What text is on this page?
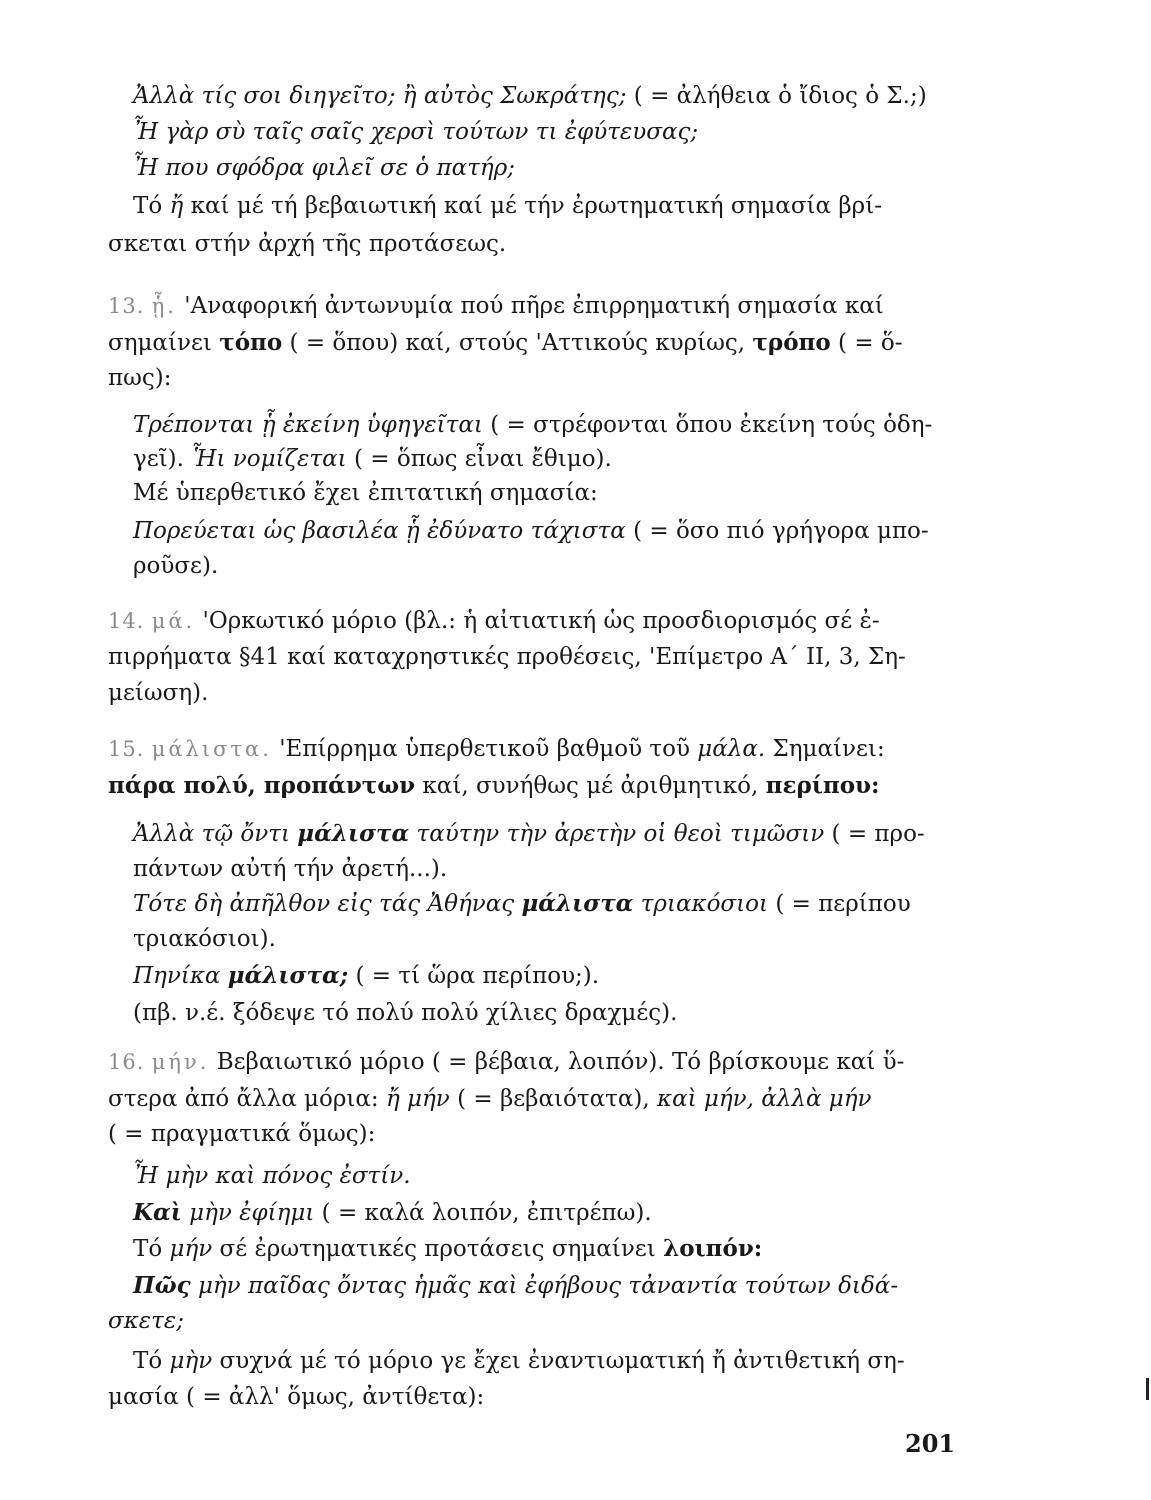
Ἀλλὰ τίς σοι διηγεῖτο; ἢ αὐτὸς Σωκράτης; ( = ἀλήθεια ὁ ἴδιος ὁ Σ.;)
Ἦ γὰρ σὺ ταῖς σαῖς χερσὶ τούτων τι ἐφύτευσας;
Ἦ που σφόδρα φιλεῖ σε ὁ πατήρ;
Τό ἤ καί μέ τή βεβαιωτική καί μέ τήν ἐρωτηματική σημασία βρί-
σκεται στήν ἀρχή τῆς προτάσεως.
13. ᾗ. 'Αναφορική ἀντωνυμία πού πῆρε ἐπιρρηματική σημασία καί
σημαίνει τόπο ( = ὅπου) καί, στούς 'Αττικούς κυρίως, τρόπο ( = ὅ-
πως):
Τρέπονται ᾗ ἐκείνη ὑφηγεῖται ( = στρέφονται ὅπου ἐκείνη τούς ὁδη-
γεῖ). Ἧι νομίζεται ( = ὅπως εἶναι ἔθιμο).
Μέ ὑπερθετικό ἔχει ἐπιτατική σημασία:
Πορεύεται ὡς βασιλέα ᾗ ἐδύνατο τάχιστα ( = ὅσο πιό γρήγορα μπο-
ροῦσε).
14. μά. 'Ορκωτικό μόριο (βλ.: ἡ αἰτιατική ὡς προσδιορισμός σέ ἐ-
πιρρήματα §41 καί καταχρηστικές προθέσεις, 'Επίμετρο Α΄ ΙΙ, 3, Ση-
μείωση).
15. μάλιστα. 'Επίρρημα ὑπερθετικοῦ βαθμοῦ τοῦ μάλα. Σημαίνει:
πάρα πολύ, προπάντων καί, συνήθως μέ ἀριθμητικό, περίπου:
Ἀλλὰ τῷ ὄντι μάλιστα ταύτην τὴν ἀρετὴν οἱ θεοὶ τιμῶσιν ( = προ-
πάντων αὐτή τήν ἀρετή...).
Τότε δὴ ἀπῆλθον εἰς τάς Ἀθήνας μάλιστα τριακόσιοι ( = περίπου
τριακόσιοι).
Πηνίκα μάλιστα; ( = τί ὥρα περίπου;).
(πβ. ν.έ. ξόδεψε τό πολύ πολύ χίλιες δραχμές).
16. μήν. Βεβαιωτικό μόριο ( = βέβαια, λοιπόν). Τό βρίσκουμε καί ὕ-
στερα ἀπό ἄλλα μόρια: ἤ μήν ( = βεβαιότατα), καὶ μήν, ἀλλὰ μήν
( = πραγματικά ὅμως):
Ἦ μὴν καὶ πόνος ἐστίν.
Καὶ μὴν ἐφίημι ( = καλά λοιπόν, ἐπιτρέπω).
Τό μήν σέ ἐρωτηματικές προτάσεις σημαίνει λοιπόν:
Πῶς μὴν παῖδας ὄντας ἡμᾶς καὶ ἐφήβους τἀναντία τούτων διδά-
σκετε;
Τό μὴν συχνά μέ τό μόριο γε ἔχει ἐναντιωματική ἤ ἀντιθετική ση-
μασία ( = ἀλλ' ὅμως, ἀντίθετα):
201
